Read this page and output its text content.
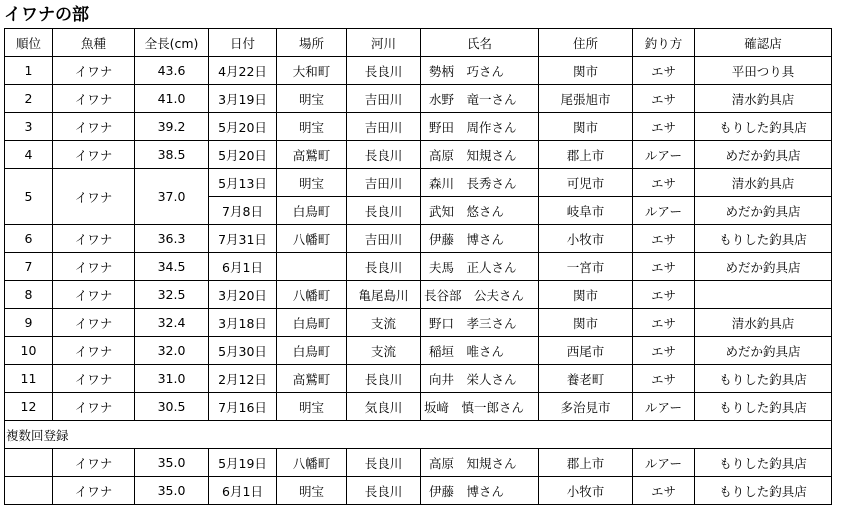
イワナの部
順位	魚種	全長(cm)	日付	場所	河川	氏名	住所	釣り方	確認店
1	イワナ	43.6	4月22日	大和町	長良川	勢柄　巧さん	関市	エサ	平田つり具
2	イワナ	41.0	3月19日	明宝	吉田川	水野　竜一さん	尾張旭市	エサ	清水釣具店
3	イワナ	39.2	5月20日	明宝	吉田川	野田　周作さん	関市	エサ	もりした釣具店
4	イワナ	38.5	5月20日	高鷲町	長良川	高原　知規さん	郡上市	ルアー	めだか釣具店
5	イワナ	37.0	5月13日	明宝	吉田川	森川　長秀さん	可児市	エサ	清水釣具店
			7月8日	白鳥町	長良川	武知　悠さん	岐阜市	ルアー	めだか釣具店
6	イワナ	36.3	7月31日	八幡町	吉田川	伊藤　博さん	小牧市	エサ	もりした釣具店
7	イワナ	34.5	6月1日		長良川	夫馬　正人さん	一宮市	エサ	めだか釣具店
8	イワナ	32.5	3月20日	八幡町	亀尾島川	長谷部　公夫さん	関市	エサ	
9	イワナ	32.4	3月18日	白鳥町	支流	野口　孝三さん	関市	エサ	清水釣具店
10	イワナ	32.0	5月30日	白鳥町	支流	稲垣　唯さん	西尾市	エサ	めだか釣具店
11	イワナ	31.0	2月12日	高鷲町	長良川	向井　栄人さん	養老町	エサ	もりした釣具店
12	イワナ	30.5	7月16日	明宝	気良川	坂﨑　慎一郎さん	多治見市	ルアー	もりした釣具店
複数回登録									
	イワナ	35.0	5月19日	八幡町	長良川	高原　知規さん	郡上市	ルアー	もりした釣具店
	イワナ	35.0	6月1日	明宝	長良川	伊藤　博さん	小牧市	エサ	もりした釣具店
